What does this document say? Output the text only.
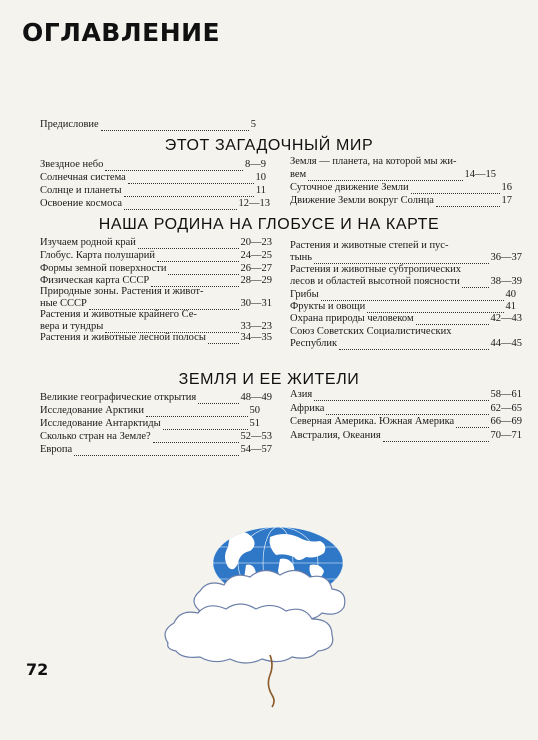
ОГЛАВЛЕНИЕ
Предисловие	5
ЭТОТ ЗАГАДОЧНЫЙ МИР
Звездное небо	8—9
Солнечная система	10
Солнце и планеты	11
Освоение космоса	12—13
Земля — планета, на которой мы жи-
вем	14—15
Суточное движение Земли	16
Движение Земли вокруг Солнца	17
НАША РОДИНА НА ГЛОБУСЕ И НА КАРТЕ
Изучаем родной край	20—23
Глобус. Карта полушарий	24—25
Формы земной поверхности	26—27
Физическая карта СССР	28—29
Природные зоны. Растения и живот-
ные СССР	30—31
Растения и животные крайнего Се-
вера и тундры	33—23
Растения и животные лесной полосы	34—35
Растения и животные степей и пус-
тынь	36—37
Растения и животные субтропических
лесов и областей высотной поясности	38—39
Грибы	40
Фрукты и овощи	41
Охрана природы человеком	42—43
Союз Советских Социалистических
Республик	44—45
ЗЕМЛЯ И ЕЕ ЖИТЕЛИ
Великие географические открытия	48—49
Исследование Арктики	50
Исследование Антарктиды	51
Сколько стран на Земле?	52—53
Европа	54—57
Азия	58—61
Африка	62—65
Северная Америка. Южная Америка	66—69
Австралия, Океания	70—71
72
